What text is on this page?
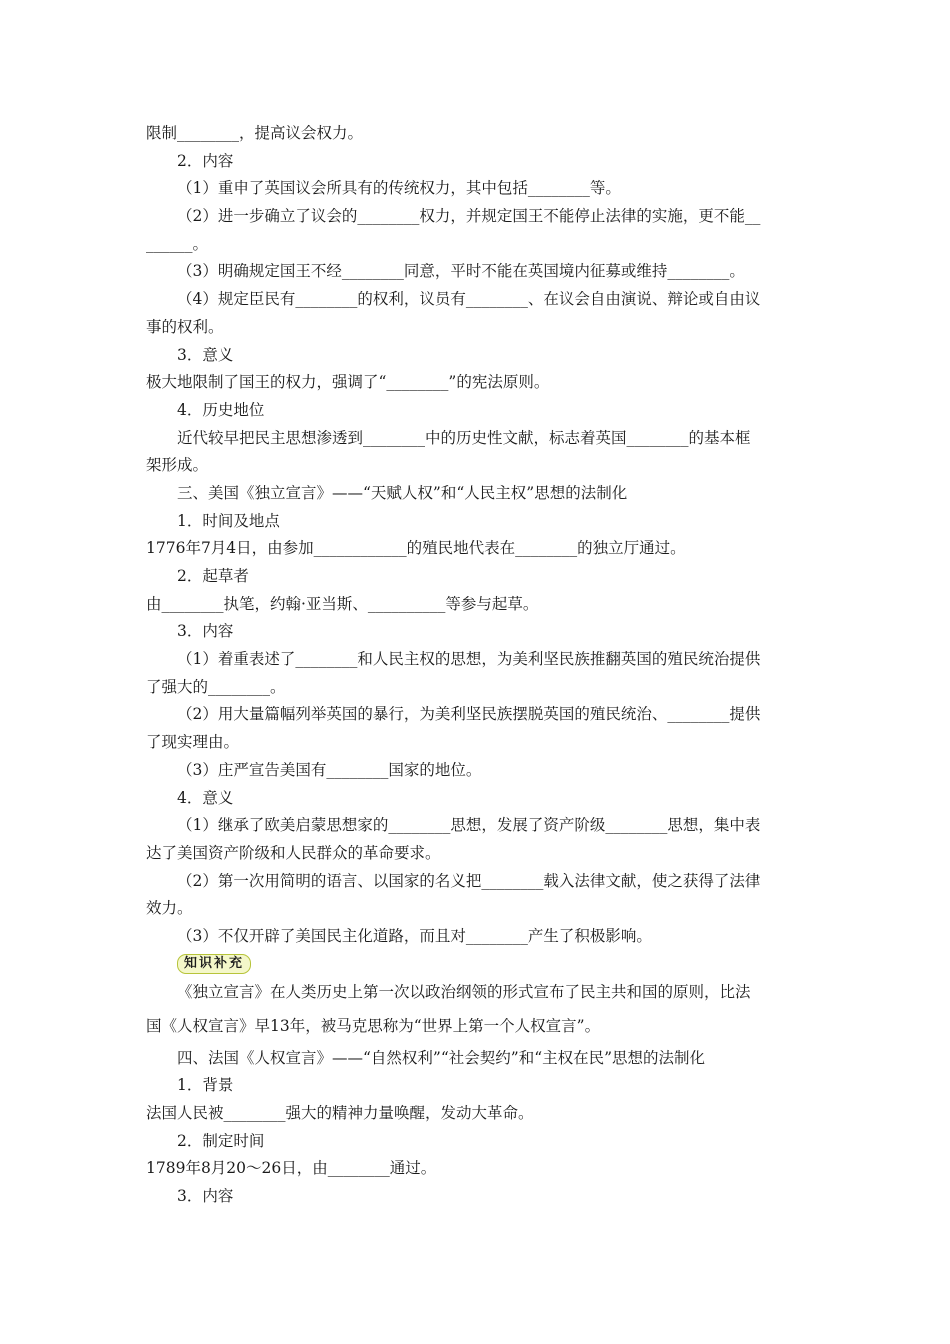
限制________，提高议会权力。
2．内容
（1）重申了英国议会所具有的传统权力，其中包括________等。
（2）进一步确立了议会的________权力，并规定国王不能停止法律的实施，更不能__
______。
（3）明确规定国王不经________同意，平时不能在英国境内征募或维持________。
（4）规定臣民有________的权利，议员有________、在议会自由演说、辩论或自由议
事的权利。
3．意义
极大地限制了国王的权力，强调了“________”的宪法原则。
4．历史地位
近代较早把民主思想渗透到________中的历史性文献，标志着英国________的基本框
架形成。
三、美国《独立宣言》——“天赋人权”和“人民主权”思想的法制化
1．时间及地点
1776年7月4日，由参加____________的殖民地代表在________的独立厅通过。
2．起草者
由________执笔，约翰·亚当斯、__________等参与起草。
3．内容
（1）着重表述了________和人民主权的思想，为美利坚民族推翻英国的殖民统治提供
了强大的________。
（2）用大量篇幅列举英国的暴行，为美利坚民族摆脱英国的殖民统治、________提供
了现实理由。
（3）庄严宣告美国有________国家的地位。
4．意义
（1）继承了欧美启蒙思想家的________思想，发展了资产阶级________思想，集中表
达了美国资产阶级和人民群众的革命要求。
（2）第一次用简明的语言、以国家的名义把________载入法律文献，使之获得了法律
效力。
（3）不仅开辟了美国民主化道路，而且对________产生了积极影响。
知识补充
《独立宣言》在人类历史上第一次以政治纲领的形式宣布了民主共和国的原则，比法
国《人权宣言》早13年，被马克思称为“世界上第一个人权宣言”。
四、法国《人权宣言》——“自然权利”“社会契约”和“主权在民”思想的法制化
1．背景
法国人民被________强大的精神力量唤醒，发动大革命。
2．制定时间
1789年8月20～26日，由________通过。
3．内容
